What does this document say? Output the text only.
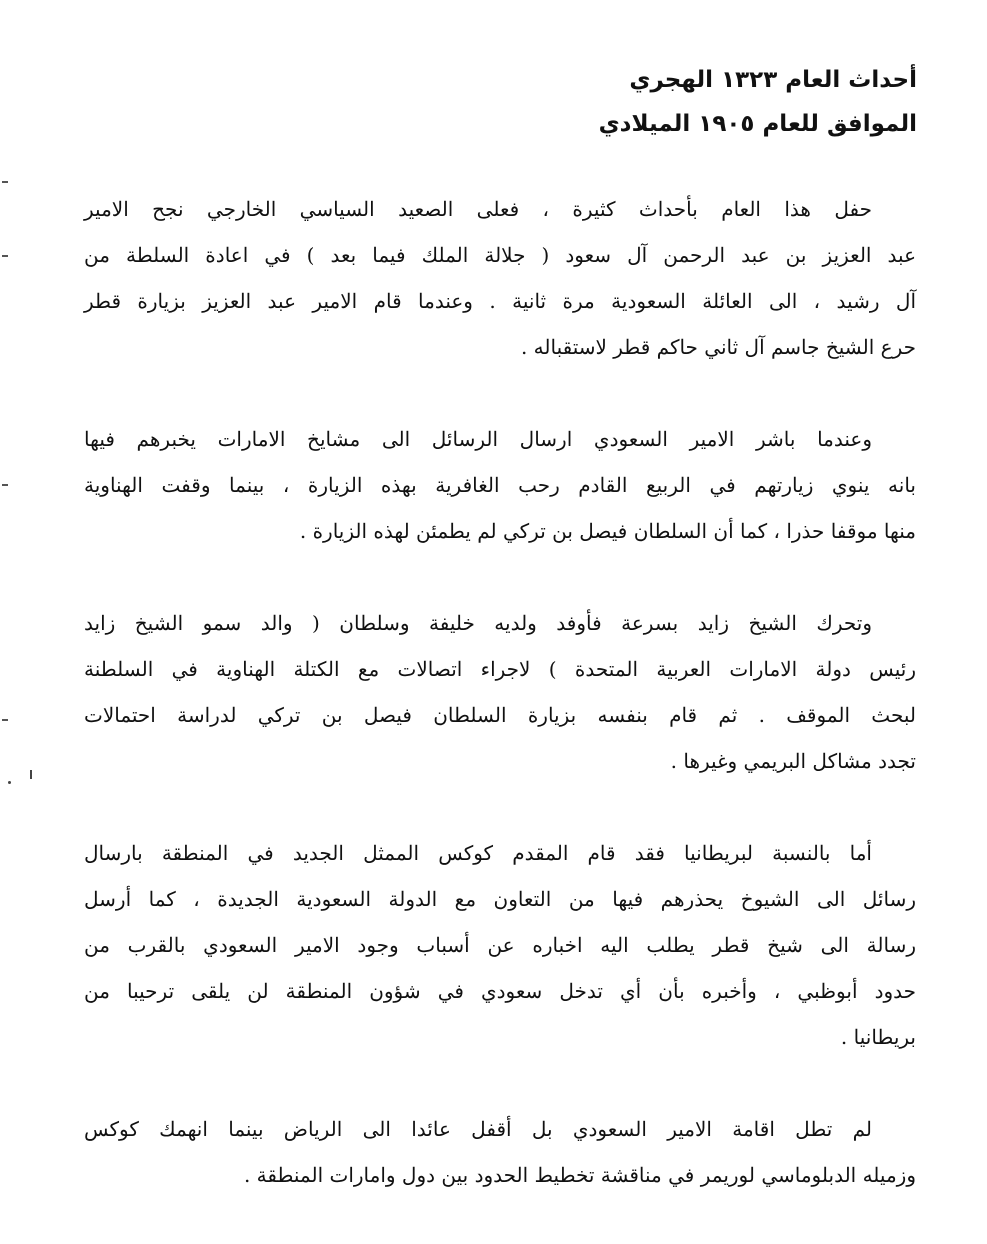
أحداث العام ١٣٢٣ الهجري
الموافق للعام ١٩٠٥ الميلادي

حفل هذا العام بأحداث كثيرة ، فعلى الصعيد السياسي الخارجي نجح الامير
عبد العزيز بن عبد الرحمن آل سعود ( جلالة الملك فيما بعد ) في اعادة السلطة من
آل رشيد ، الى العائلة السعودية مرة ثانية . وعندما قام الامير عبد العزيز بزيارة قطر
حرع الشيخ جاسم آل ثاني حاكم قطر لاستقباله .

وعندما باشر الامير السعودي ارسال الرسائل الى مشايخ الامارات يخبرهم فيها
بانه ينوي زيارتهم في الربيع القادم رحب الغافرية بهذه الزيارة ، بينما وقفت الهناوية
منها موقفا حذرا ، كما أن السلطان فيصل بن تركي لم يطمئن لهذه الزيارة .

وتحرك الشيخ زايد بسرعة فأوفد ولديه خليفة وسلطان ( والد سمو الشيخ زايد
رئيس دولة الامارات العربية المتحدة ) لاجراء اتصالات مع الكتلة الهناوية في السلطنة
لبحث الموقف . ثم قام بنفسه بزيارة السلطان فيصل بن تركي لدراسة احتمالات
تجدد مشاكل البريمي وغيرها .

أما بالنسبة لبريطانيا فقد قام المقدم كوكس الممثل الجديد في المنطقة بارسال
رسائل الى الشيوخ يحذرهم فيها من التعاون مع الدولة السعودية الجديدة ، كما أرسل
رسالة الى شيخ قطر يطلب اليه اخباره عن أسباب وجود الامير السعودي بالقرب من
حدود أبوظبي ، وأخبره بأن أي تدخل سعودي في شؤون المنطقة لن يلقى ترحيبا من
بريطانيا .

لم تطل اقامة الامير السعودي بل أقفل عائدا الى الرياض بينما انهمك كوكس
وزميله الدبلوماسي لوريمر في مناقشة تخطيط الحدود بين دول وامارات المنطقة .
